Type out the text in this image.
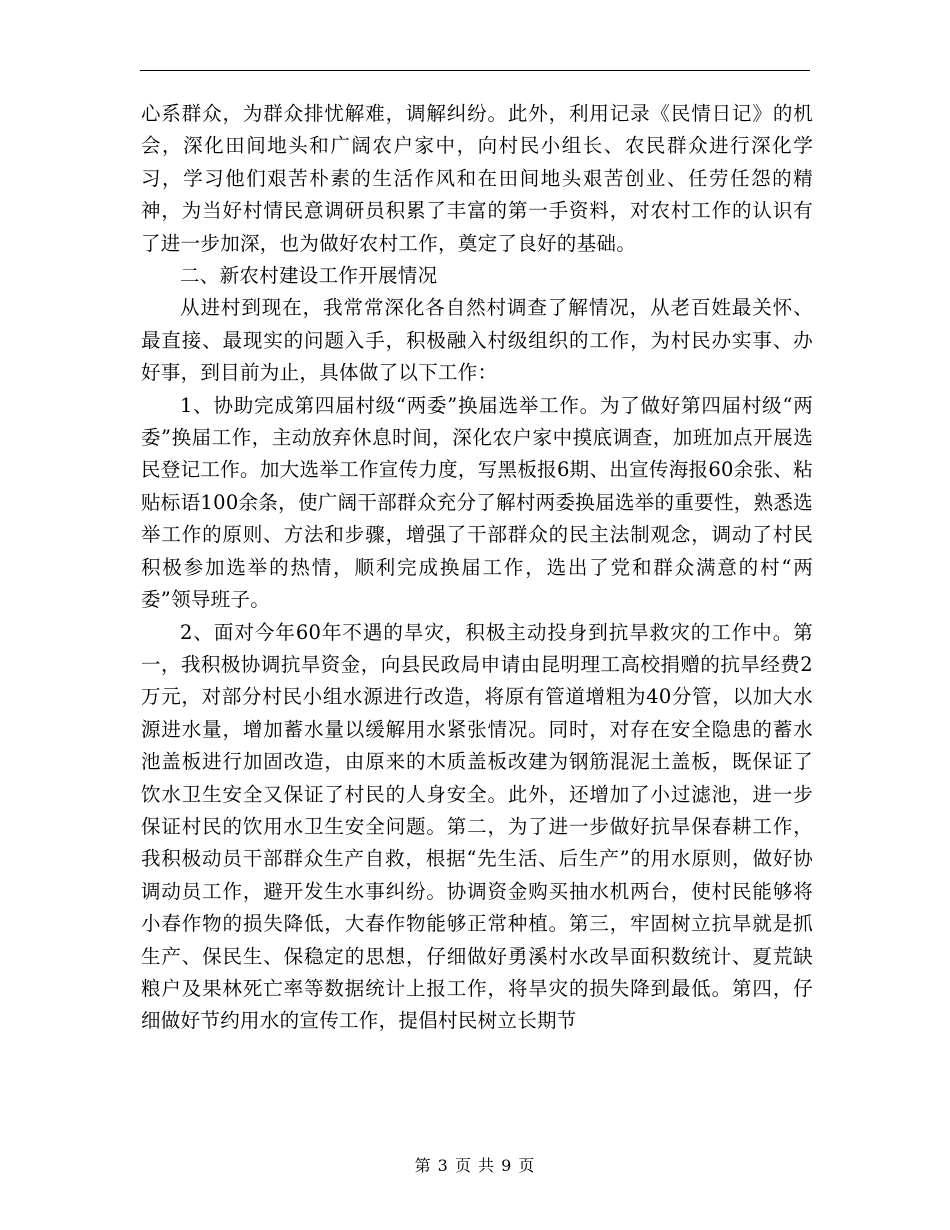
心系群众，为群众排忧解难，调解纠纷。此外，利用记录《民情日记》的机会，深化田间地头和广阔农户家中，向村民小组长、农民群众进行深化学习，学习他们艰苦朴素的生活作风和在田间地头艰苦创业、任劳任怨的精神，为当好村情民意调研员积累了丰富的第一手资料，对农村工作的认识有了进一步加深，也为做好农村工作，奠定了良好的基础。

二、新农村建设工作开展情况

从进村到现在，我常常深化各自然村调查了解情况，从老百姓最关怀、最直接、最现实的问题入手，积极融入村级组织的工作，为村民办实事、办好事，到目前为止，具体做了以下工作：

1、协助完成第四届村级“两委”换届选举工作。为了做好第四届村级“两委”换届工作，主动放弃休息时间，深化农户家中摸底调查，加班加点开展选民登记工作。加大选举工作宣传力度，写黑板报6期、出宣传海报60余张、粘贴标语100余条，使广阔干部群众充分了解村两委换届选举的重要性，熟悉选举工作的原则、方法和步骤，增强了干部群众的民主法制观念，调动了村民积极参加选举的热情，顺利完成换届工作，选出了党和群众满意的村“两委”领导班子。

2、面对今年60年不遇的旱灾，积极主动投身到抗旱救灾的工作中。第一，我积极协调抗旱资金，向县民政局申请由昆明理工高校捐赠的抗旱经费2万元，对部分村民小组水源进行改造，将原有管道增粗为40分管，以加大水源进水量，增加蓄水量以缓解用水紧张情况。同时，对存在安全隐患的蓄水池盖板进行加固改造，由原来的木质盖板改建为钢筋混泥土盖板，既保证了饮水卫生安全又保证了村民的人身安全。此外，还增加了小过滤池，进一步保证村民的饮用水卫生安全问题。第二，为了进一步做好抗旱保春耕工作，我积极动员干部群众生产自救，根据“先生活、后生产”的用水原则，做好协调动员工作，避开发生水事纠纷。协调资金购买抽水机两台，使村民能够将小春作物的损失降低，大春作物能够正常种植。第三，牢固树立抗旱就是抓生产、保民生、保稳定的思想，仔细做好勇溪村水改旱面积数统计、夏荒缺粮户及果林死亡率等数据统计上报工作，将旱灾的损失降到最低。第四，仔细做好节约用水的宣传工作，提倡村民树立长期节

第 3 页 共 9 页
